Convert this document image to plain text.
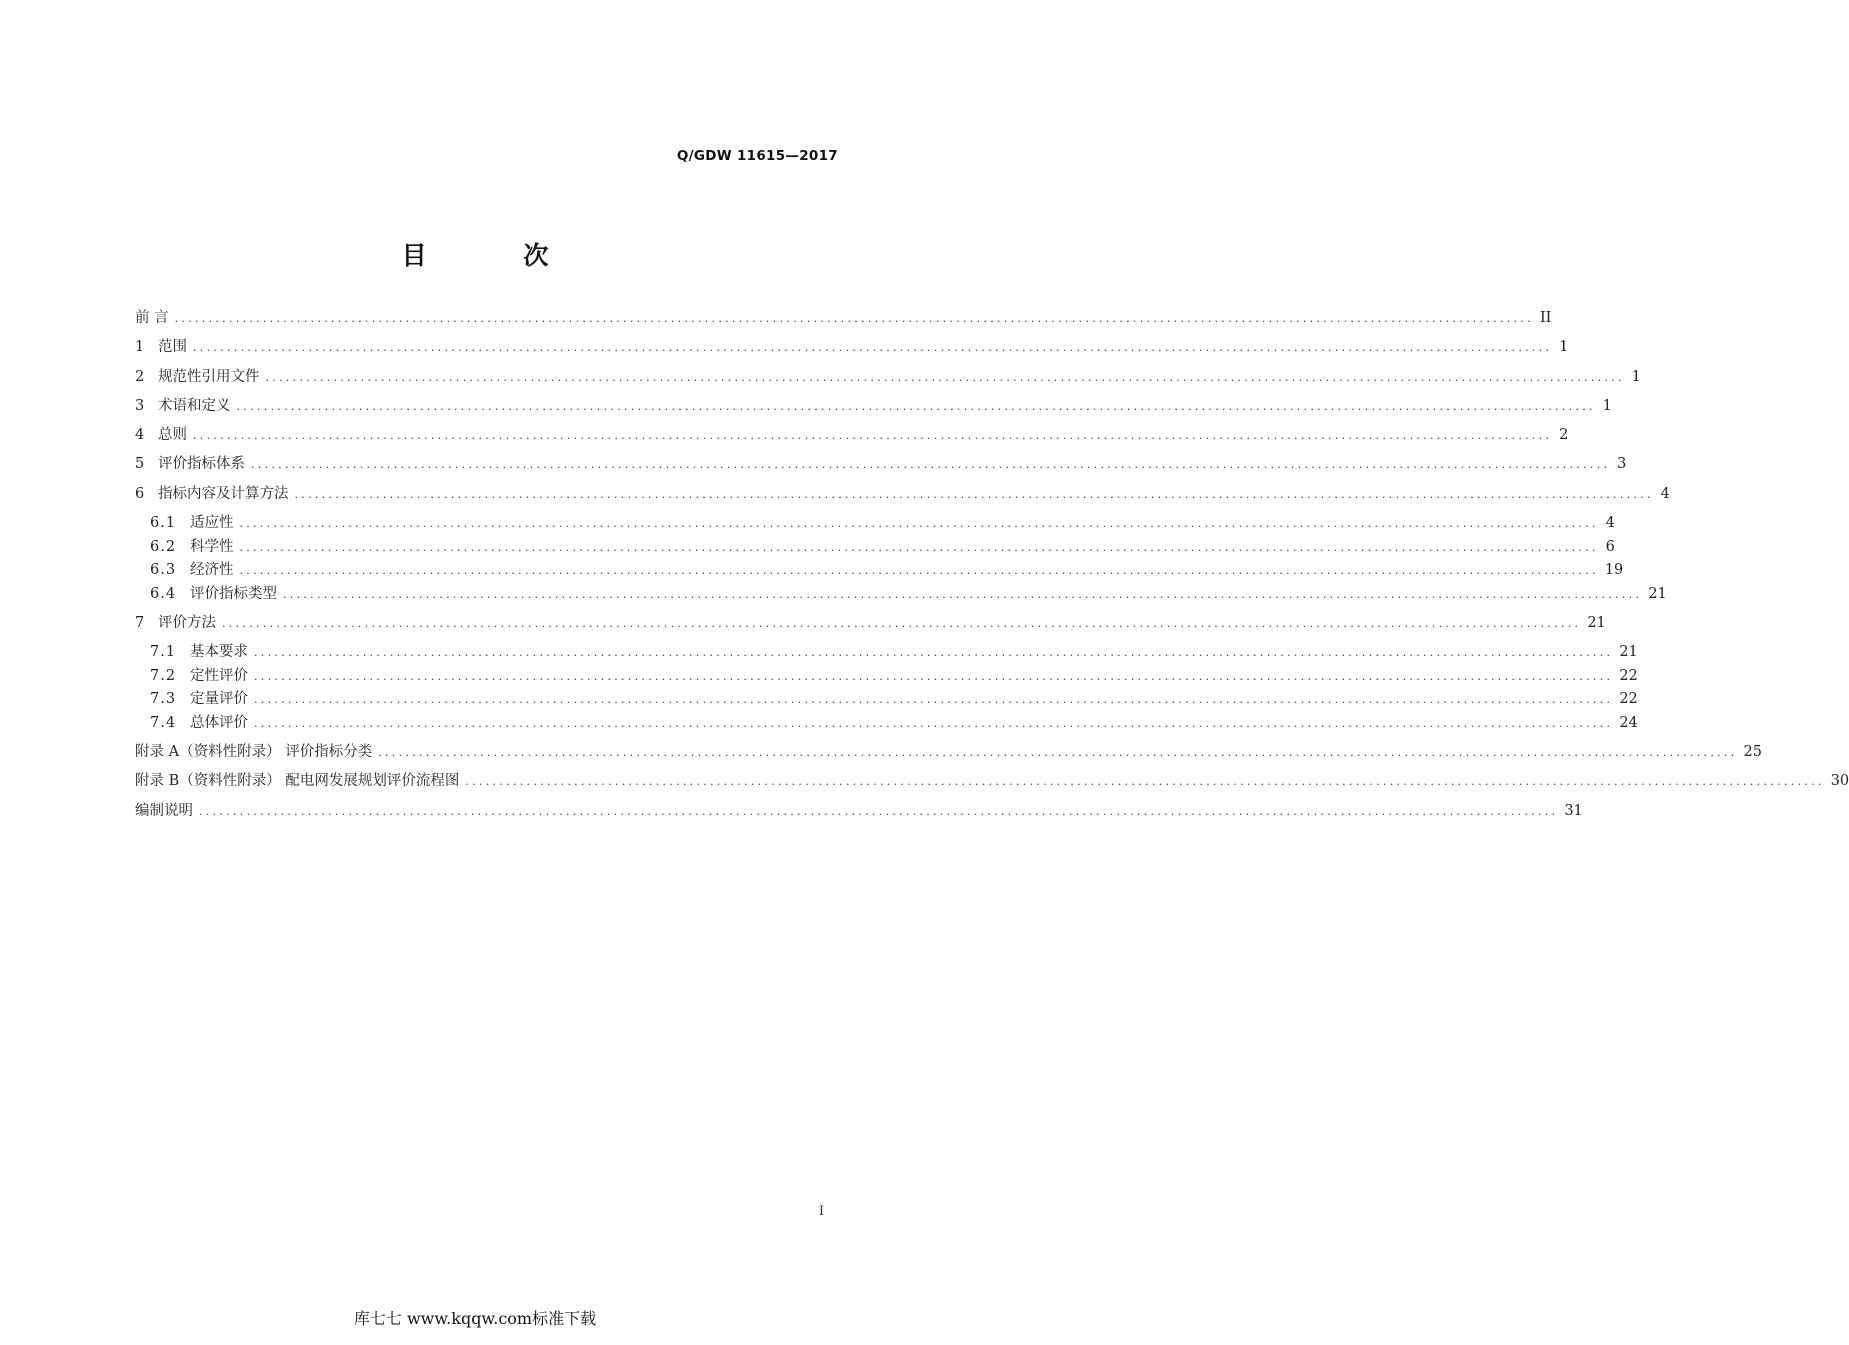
Q/GDW 11615—2017
目 次
前 言 ........................................................................................................................................................................................................ II
1 范围 ........................................................................................................................................................................................................ 1
2 规范性引用文件 ........................................................................................................................................................................................................ 1
3 术语和定义 ........................................................................................................................................................................................................ 1
4 总则 ........................................................................................................................................................................................................ 2
5 评价指标体系 ........................................................................................................................................................................................................ 3
6 指标内容及计算方法 ........................................................................................................................................................................................................ 4
6.1 适应性 ........................................................................................................................................................................................................ 4
6.2 科学性 ........................................................................................................................................................................................................ 6
6.3 经济性 ........................................................................................................................................................................................................ 19
6.4 评价指标类型 ........................................................................................................................................................................................................ 21
7 评价方法 ........................................................................................................................................................................................................ 21
7.1 基本要求 ........................................................................................................................................................................................................ 21
7.2 定性评价 ........................................................................................................................................................................................................ 22
7.3 定量评价 ........................................................................................................................................................................................................ 22
7.4 总体评价 ........................................................................................................................................................................................................ 24
附录 A（资料性附录） 评价指标分类 ........................................................................................................................................................................................................ 25
附录 B（资料性附录） 配电网发展规划评价流程图 ........................................................................................................................................................................................................ 30
编制说明 ........................................................................................................................................................................................................ 31
I
库七七 www.kqqw.com标准下载
